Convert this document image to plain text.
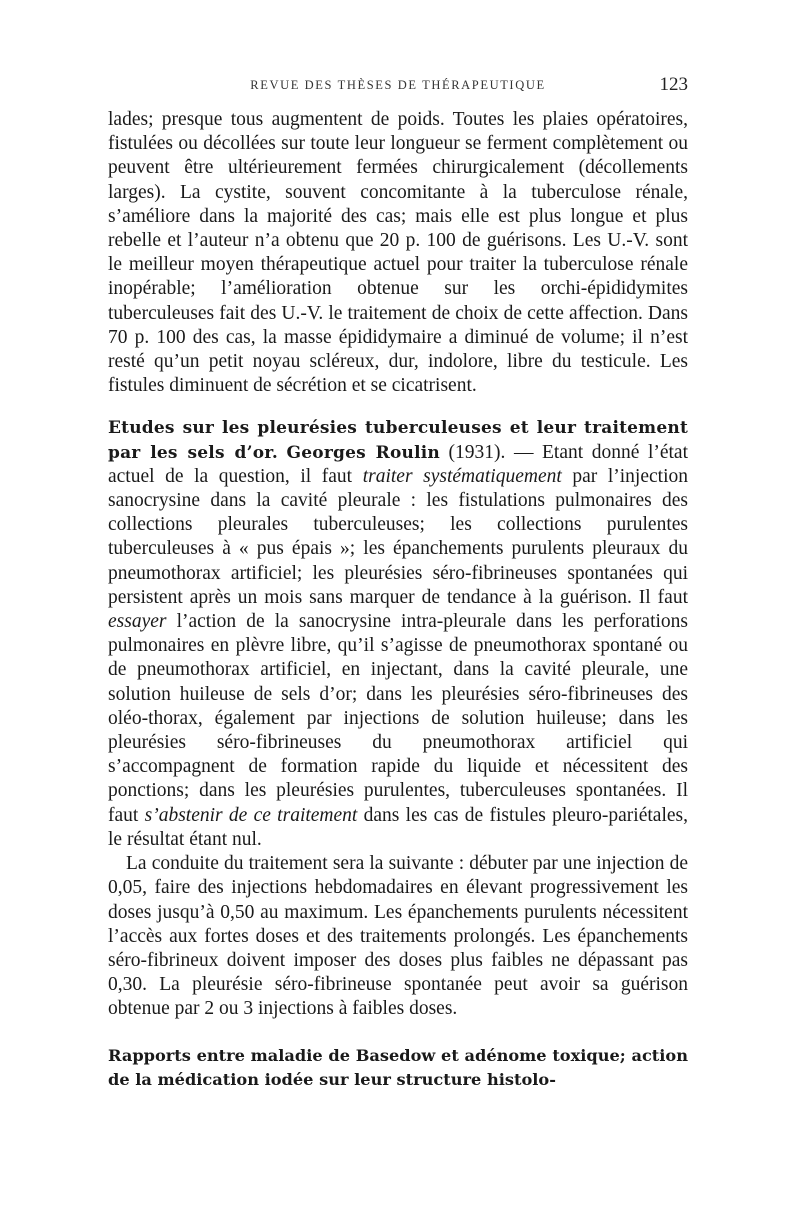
REVUE DES THÈSES DE THÉRAPEUTIQUE	123

lades; presque tous augmentent de poids. Toutes les plaies opératoires, fistulées ou décollées sur toute leur longueur se ferment complètement ou peuvent être ultérieurement fermées chirurgicalement (décollements larges). La cystite, souvent concomitante à la tuberculose rénale, s’améliore dans la majorité des cas; mais elle est plus longue et plus rebelle et l’auteur n’a obtenu que 20 p. 100 de guérisons. Les U.-V. sont le meilleur moyen thérapeutique actuel pour traiter la tuberculose rénale inopérable; l’amélioration obtenue sur les orchi-épididymites tuberculeuses fait des U.-V. le traitement de choix de cette affection. Dans 70 p. 100 des cas, la masse épididymaire a diminué de volume; il n’est resté qu’un petit noyau scléreux, dur, indolore, libre du testicule. Les fistules diminuent de sécrétion et se cicatrisent.

Etudes sur les pleurésies tuberculeuses et leur traitement par les sels d’or. Georges Roulin (1931). — Etant donné l’état actuel de la question, il faut traiter systématiquement par l’injection sanocrysine dans la cavité pleurale : les fistulations pulmonaires des collections pleurales tuberculeuses; les collections purulentes tuberculeuses à « pus épais »; les épanchements purulents pleuraux du pneumothorax artificiel; les pleurésies séro-fibrineuses spontanées qui persistent après un mois sans marquer de tendance à la guérison. Il faut essayer l’action de la sanocrysine intra-pleurale dans les perforations pulmonaires en plèvre libre, qu’il s’agisse de pneumothorax spontané ou de pneumothorax artificiel, en injectant, dans la cavité pleurale, une solution huileuse de sels d’or; dans les pleurésies séro-fibrineuses des oléo-thorax, également par injections de solution huileuse; dans les pleurésies séro-fibrineuses du pneumothorax artificiel qui s’accompagnent de formation rapide du liquide et nécessitent des ponctions; dans les pleurésies purulentes, tuberculeuses spontanées. Il faut s’abstenir de ce traitement dans les cas de fistules pleuro-pariétales, le résultat étant nul.

La conduite du traitement sera la suivante : débuter par une injection de 0,05, faire des injections hebdomadaires en élevant progressivement les doses jusqu’à 0,50 au maximum. Les épanchements purulents nécessitent l’accès aux fortes doses et des traitements prolongés. Les épanchements séro-fibrineux doivent imposer des doses plus faibles ne dépassant pas 0,30. La pleurésie séro-fibrineuse spontanée peut avoir sa guérison obtenue par 2 ou 3 injections à faibles doses.

Rapports entre maladie de Basedow et adénome toxique; action de la médication iodée sur leur structure histolo-
